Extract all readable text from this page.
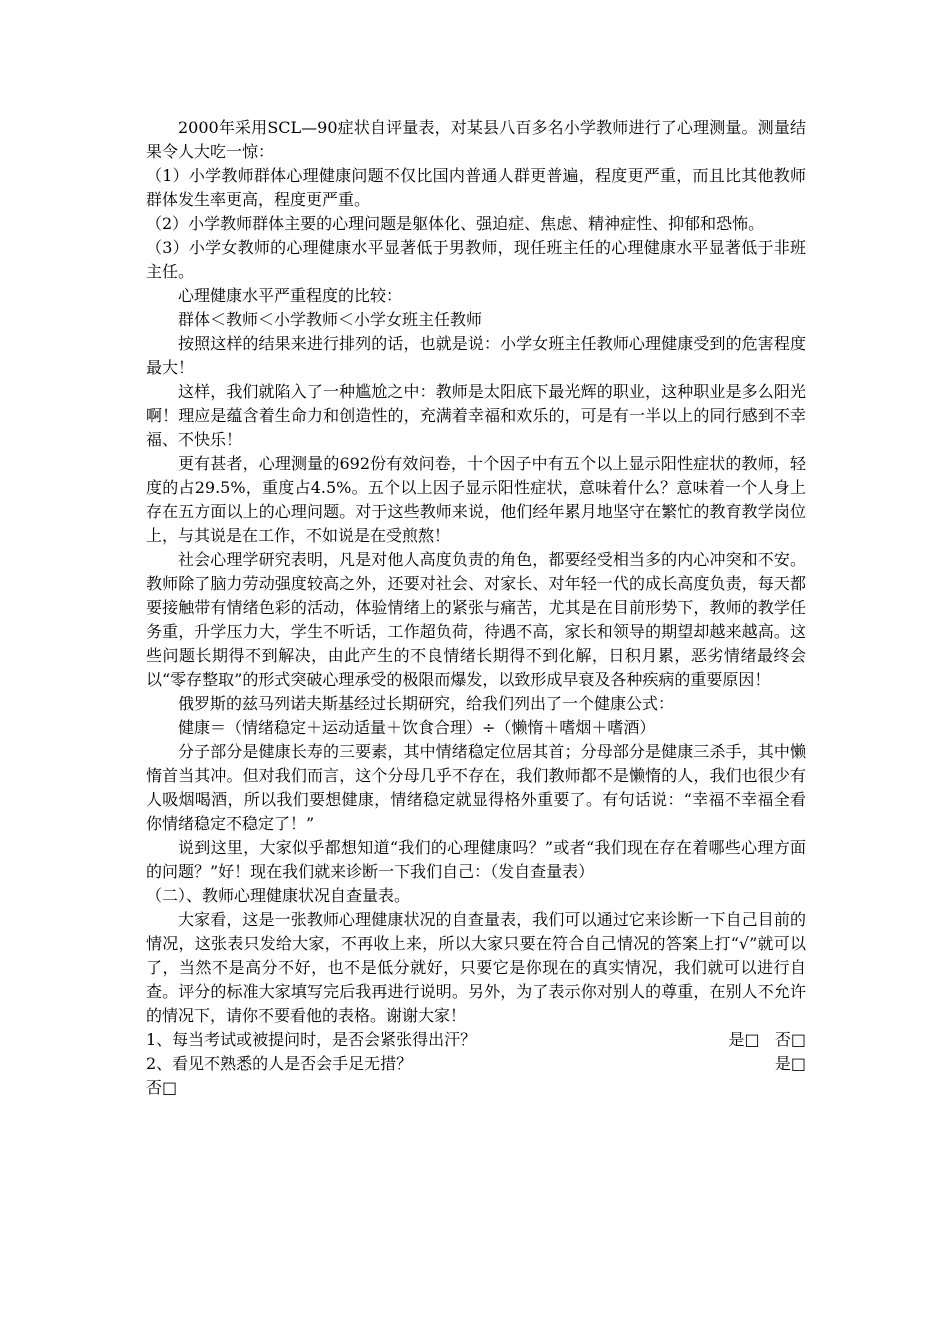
2000年采用SCL—90症状自评量表，对某县八百多名小学教师进行了心理测量。测量结果令人大吃一惊：

（1）小学教师群体心理健康问题不仅比国内普通人群更普遍，程度更严重，而且比其他教师群体发生率更高，程度更严重。

（2）小学教师群体主要的心理问题是躯体化、强迫症、焦虑、精神症性、抑郁和恐怖。

（3）小学女教师的心理健康水平显著低于男教师，现任班主任的心理健康水平显著低于非班主任。

心理健康水平严重程度的比较：

群体＜教师＜小学教师＜小学女班主任教师

按照这样的结果来进行排列的话，也就是说：小学女班主任教师心理健康受到的危害程度最大！

这样，我们就陷入了一种尴尬之中：教师是太阳底下最光辉的职业，这种职业是多么阳光啊！理应是蕴含着生命力和创造性的，充满着幸福和欢乐的，可是有一半以上的同行感到不幸福、不快乐！

更有甚者，心理测量的692份有效问卷，十个因子中有五个以上显示阳性症状的教师，轻度的占29.5%，重度占4.5%。五个以上因子显示阳性症状，意味着什么？意味着一个人身上存在五方面以上的心理问题。对于这些教师来说，他们经年累月地坚守在繁忙的教育教学岗位上，与其说是在工作，不如说是在受煎熬！

社会心理学研究表明，凡是对他人高度负责的角色，都要经受相当多的内心冲突和不安。教师除了脑力劳动强度较高之外，还要对社会、对家长、对年轻一代的成长高度负责，每天都要接触带有情绪色彩的活动，体验情绪上的紧张与痛苦，尤其是在目前形势下，教师的教学任务重，升学压力大，学生不听话，工作超负荷，待遇不高，家长和领导的期望却越来越高。这些问题长期得不到解决，由此产生的不良情绪长期得不到化解，日积月累，恶劣情绪最终会以“零存整取”的形式突破心理承受的极限而爆发，以致形成早衰及各种疾病的重要原因！

俄罗斯的兹马列诺夫斯基经过长期研究，给我们列出了一个健康公式：

健康＝（情绪稳定＋运动适量＋饮食合理）÷（懒惰＋嗜烟＋嗜酒）

分子部分是健康长寿的三要素，其中情绪稳定位居其首；分母部分是健康三杀手，其中懒惰首当其冲。但对我们而言，这个分母几乎不存在，我们教师都不是懒惰的人，我们也很少有人吸烟喝酒，所以我们要想健康，情绪稳定就显得格外重要了。有句话说：“幸福不幸福全看你情绪稳定不稳定了！”

说到这里，大家似乎都想知道“我们的心理健康吗？”或者“我们现在存在着哪些心理方面的问题？”好！现在我们就来诊断一下我们自己：（发自查量表）

（二）、教师心理健康状况自查量表。

大家看，这是一张教师心理健康状况的自查量表，我们可以通过它来诊断一下自己目前的情况，这张表只发给大家，不再收上来，所以大家只要在符合自己情况的答案上打“√”就可以了，当然不是高分不好，也不是低分就好，只要它是你现在的真实情况，我们就可以进行自查。评分的标准大家填写完后我再进行说明。另外，为了表示你对别人的尊重，在别人不允许的情况下，请你不要看他的表格。谢谢大家！

1、每当考试或被提问时，是否会紧张得出汗？	是□   否□
2、看见不熟悉的人是否会手足无措？	是□

否□
